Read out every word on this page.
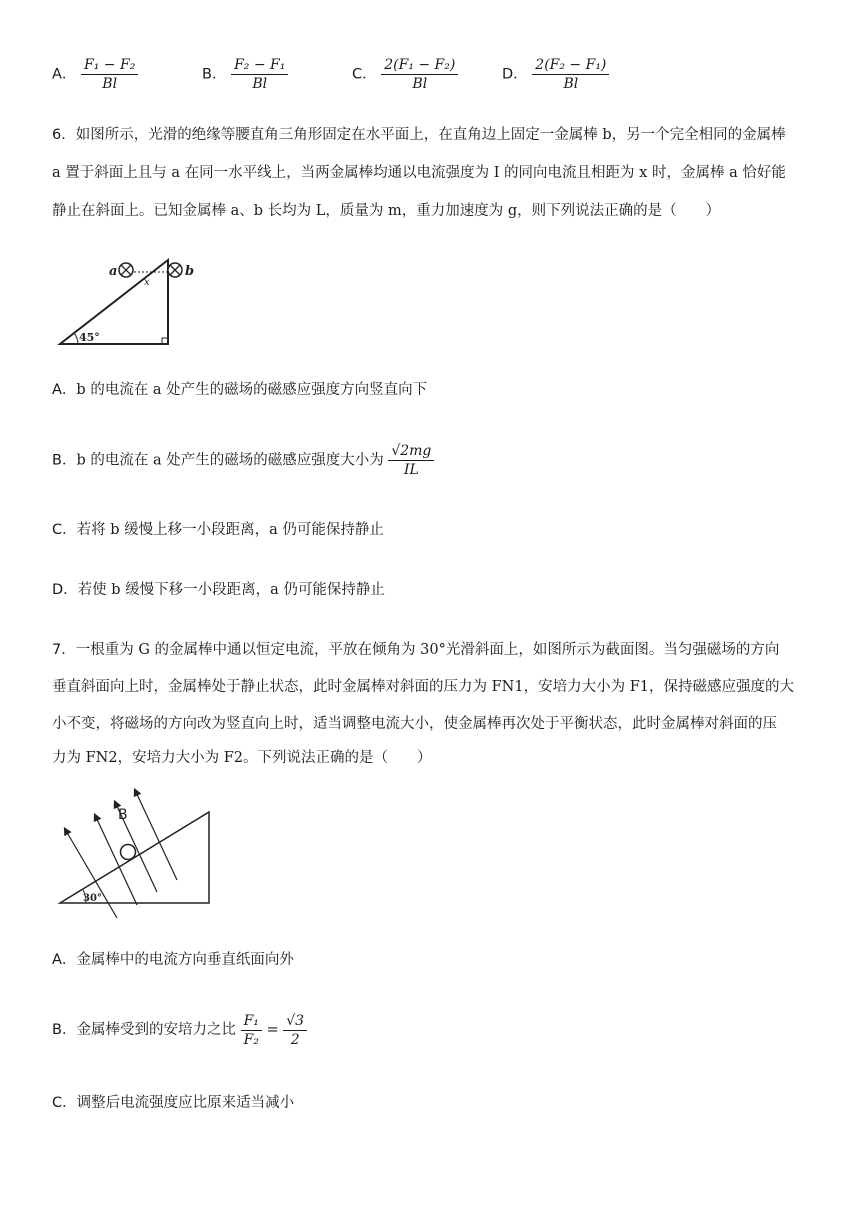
A． $\frac{\text{F₁ − F₂}}{Bl}$	B． $\frac{\text{F₂ − F₁}}{Bl}$	C． $\frac{\text{2(F₁ − F₂)}}{Bl}$	D． $\frac{\text{2(F₂ − F₁)}}{Bl}$
6．如图所示，光滑的绝缘等腰直角三角形固定在水平面上，在直角边上固定一金属棒 b，另一个完全相同的金属棒
a 置于斜面上且与 a 在同一水平线上，当两金属棒均通以电流强度为 I 的同向电流且相距为 x 时，金属棒 a 恰好能
静止在斜面上。已知金属棒 a、b 长均为 L，质量为 m，重力加速度为 g，则下列说法正确的是（　　）
a	b
x
45°
A．b 的电流在 a 处产生的磁场的磁感应强度方向竖直向下
B．b 的电流在 a 处产生的磁场的磁感应强度大小为 $\frac{√2mg}{IL}$
C．若将 b 缓慢上移一小段距离，a 仍可能保持静止
D．若使 b 缓慢下移一小段距离，a 仍可能保持静止
7．一根重为 G 的金属棒中通以恒定电流，平放在倾角为 30°光滑斜面上，如图所示为截面图。当匀强磁场的方向
垂直斜面向上时，金属棒处于静止状态，此时金属棒对斜面的压力为 FN1，安培力大小为 F1，保持磁感应强度的大
小不变，将磁场的方向改为竖直向上时，适当调整电流大小，使金属棒再次处于平衡状态，此时金属棒对斜面的压
力为 FN2，安培力大小为 F2。下列说法正确的是（　　）
B
30°
A．金属棒中的电流方向垂直纸面向外
B．金属棒受到的安培力之比 $\frac{\text{F₁}}{\text{F₂}} = \frac{√3}{2}$
C．调整后电流强度应比原来适当减小
